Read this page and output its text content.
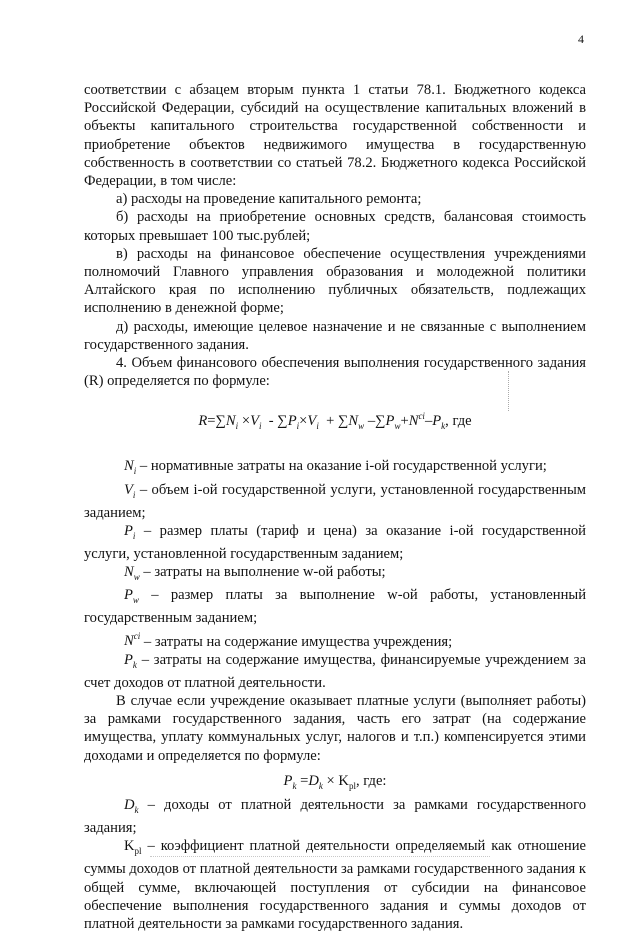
4

соответствии с абзацем вторым пункта 1 статьи 78.1. Бюджетного кодекса Российской Федерации, субсидий на осуществление капитальных вложений в объекты капитального строительства государственной собственности и приобретение объектов недвижимого имущества в государственную собственность в соответствии со статьей 78.2. Бюджетного кодекса Российской Федерации, в том числе:

а) расходы на проведение капитального ремонта;

б) расходы на приобретение основных средств, балансовая стоимость которых превышает 100 тыс.рублей;

в) расходы на финансовое обеспечение осуществления учреждениями полномочий Главного управления образования и молодежной политики Алтайского края по исполнению публичных обязательств, подлежащих исполнению в денежной форме;

д) расходы, имеющие целевое назначение и не связанные с выполнением государственного задания.

4. Объем финансового обеспечения выполнения государственного задания (R) определяется по формуле:

$R=\sum N_i \times V_i - \sum P_i\times V_i + \sum N_w$ $-\sum P_w+N^{ci}-P_k$, где

$N_i$ – нормативные затраты на оказание i-ой государственной услуги;

$V_i$ – объем i-ой государственной услуги, установленной государственным заданием;

$P_i$ – размер платы (тариф и цена) за оказание i-ой государственной услуги, установленной государственным заданием;

$N_w$ – затраты на выполнение w-ой работы;

$P_w$ – размер платы за выполнение w-ой работы, установленный государственным заданием;

$N^{ci}$ – затраты на содержание имущества учреждения;

$P_k$ – затраты на содержание имущества, финансируемые учреждением за счет доходов от платной деятельности.

В случае если учреждение оказывает платные услуги (выполняет работы) за рамками государственного задания, часть его затрат (на содержание имущества, уплату коммунальных услуг, налогов и т.п.) компенсируется этими доходами и определяется по формуле:

$P_k =D_k \times K_{pl}$, где:

$D_k$ – доходы от платной деятельности за рамками государственного задания;

$K_{pl}$ – коэффициент платной деятельности определяемый как отношение суммы доходов от платной деятельности за рамками государственного задания к общей сумме, включающей поступления от субсидии на финансовое обеспечение выполнения государственного задания и суммы доходов от платной деятельности за рамками государственного задания.
